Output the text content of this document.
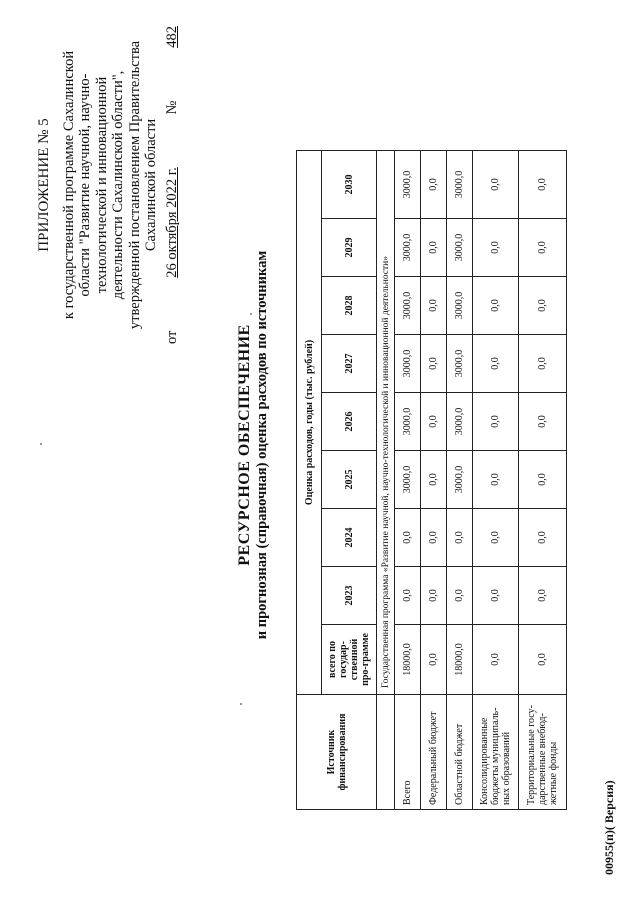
ПРИЛОЖЕНИЕ № 5 к государственной программе Сахалинской области "Развитие научной, научно- технологической и инновационной деятельности Сахалинской области", утвержденной постановлением Правительства Сахалинской области
от
26 октября 2022 г.
№
482
РЕСУРСНОЕ ОБЕСПЕЧЕНИЕ и прогнозная (справочная) оценка расходов по источникам
Источник финансирования	Оценка расходов, годы (тыс. рублей)								
	всего по государ-ственной про-грамме	2023	2024	2025	2026	2027	2028	2029	2030
	Государственная программа «Развитие научной, научно-технологической и инновационной деятельности»								
Всего	18000,0	0,0	0,0	3000,0	3000,0	3000,0	3000,0	3000,0	3000,0
Федеральный бюджет	0,0	0,0	0,0	0,0	0,0	0,0	0,0	0,0	0,0
Областной бюджет	18000,0	0,0	0,0	3000,0	3000,0	3000,0	3000,0	3000,0	3000,0
Консолидированные бюджеты муниципаль-ных образований	0,0	0,0	0,0	0,0	0,0	0,0	0,0	0,0	0,0
Территориальные госу-дарственные внебюд-жетные фонды	0,0	0,0	0,0	0,0	0,0	0,0	0,0	0,0	0,0
00955(п)( Версия)
